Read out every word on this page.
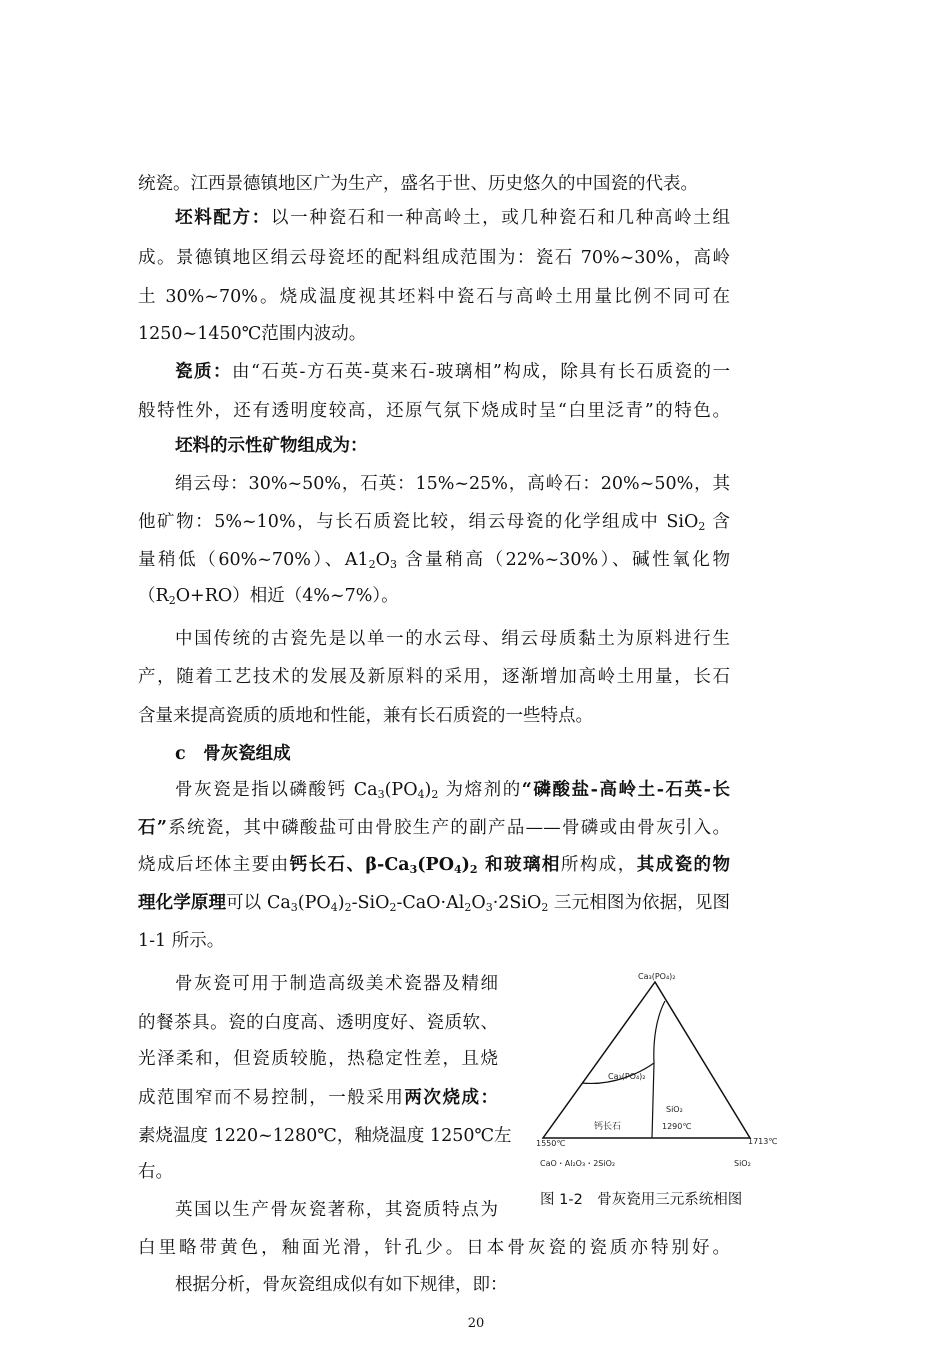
统瓷。江西景德镇地区广为生产，盛名于世、历史悠久的中国瓷的代表。
坯料配方：以一种瓷石和一种高岭土，或几种瓷石和几种高岭土组
成。景德镇地区绢云母瓷坯的配料组成范围为：瓷石 70%~30%，高岭
土 30%~70%。烧成温度视其坯料中瓷石与高岭土用量比例不同可在
1250~1450℃范围内波动。
瓷质：由“石英-方石英-莫来石-玻璃相”构成，除具有长石质瓷的一
般特性外，还有透明度较高，还原气氛下烧成时呈“白里泛青”的特色。
坯料的示性矿物组成为：
绢云母：30%~50%，石英：15%~25%，高岭石：20%~50%，其
他矿物：5%~10%，与长石质瓷比较，绢云母瓷的化学组成中 SiO$_2$ 含
量稍低（60%~70%）、$A1_2O_3$ 含量稍高（22%~30%）、碱性氧化物
$(R_2O+RO)$相近（4%~7%）。
中国传统的古瓷先是以单一的水云母、绢云母质黏土为原料进行生
产，随着工艺技术的发展及新原料的采用，逐渐增加高岭土用量，长石
含量来提高瓷质的质地和性能，兼有长石质瓷的一些特点。
c　骨灰瓷组成
骨灰瓷是指以磷酸钙 $Ca_3(PO_4)_2$ 为熔剂的“磷酸盐-高岭土-石英-长
石”系统瓷，其中磷酸盐可由骨胶生产的副产品——骨磷或由骨灰引入。
烧成后坯体主要由钙长石、$\beta-Ca_3(PO_4)_2$ 和玻璃相所构成，其成瓷的物
理化学原理可以 $Ca_3(PO_4)_2-SiO_2-CaO\cdot Al_2O_3\cdot 2SiO_2$ 三元相图为依据，见图
1-1 所示。
骨灰瓷可用于制造高级美术瓷器及精细
的餐茶具。瓷的白度高、透明度好、瓷质软、
光泽柔和，但瓷质较脆，热稳定性差，且烧
成范围窄而不易控制，一般采用两次烧成：
素烧温度 1220~1280℃，釉烧温度 1250℃左
右。
英国以生产骨灰瓷著称，其瓷质特点为
白里略带黄色，釉面光滑，针孔少。日本骨灰瓷的瓷质亦特别好。
根据分析，骨灰瓷组成似有如下规律，即：
Ca₃(PO₄)₂
Ca₃(PO₄)₂
SiO₂
钙长石	1290℃
1550℃	1713℃
CaO・Al₂O₃・2SiO₂	SiO₂
图 1-2　骨灰瓷用三元系统相图
20
